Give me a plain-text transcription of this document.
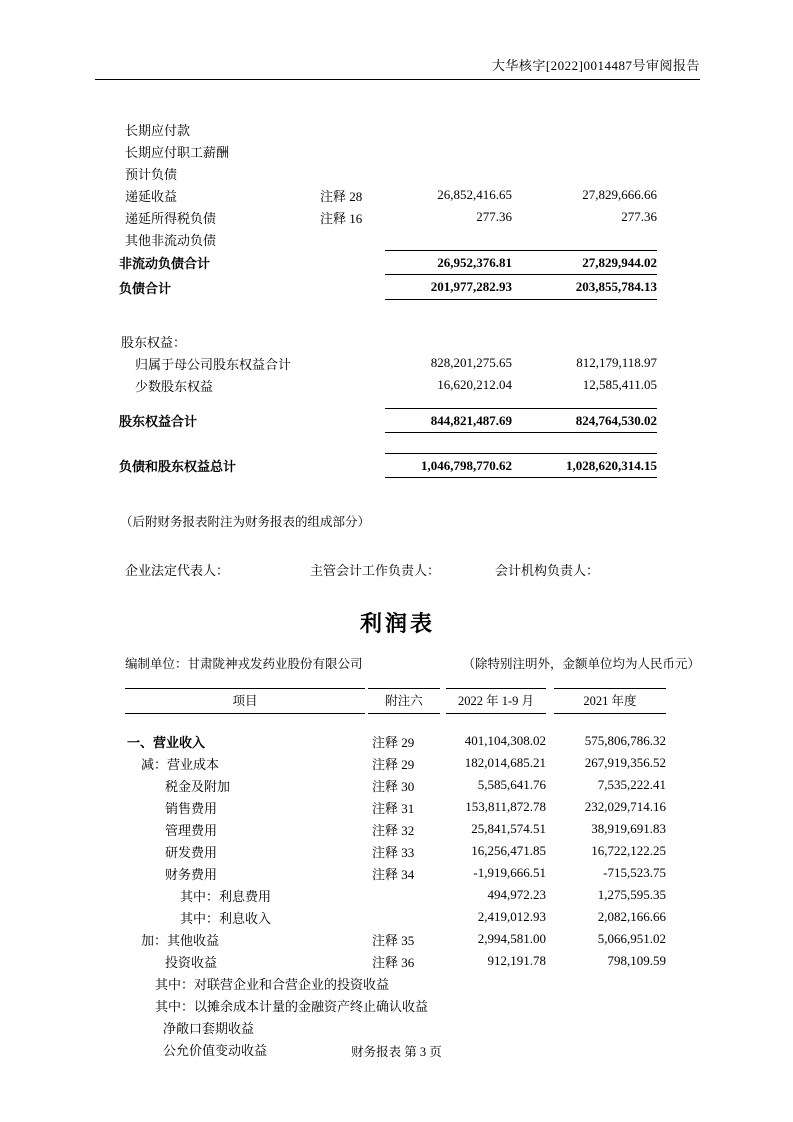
大华核字[2022]0014487号审阅报告
长期应付款
长期应付职工薪酬
预计负债
递延收益	注释 28	26,852,416.65	27,829,666.66
递延所得税负债	注释 16	277.36	277.36
其他非流动负债
非流动负债合计	26,952,376.81	27,829,944.02
负债合计	201,977,282.93	203,855,784.13
股东权益：
归属于母公司股东权益合计	828,201,275.65	812,179,118.97
少数股东权益	16,620,212.04	12,585,411.05
股东权益合计	844,821,487.69	824,764,530.02
负债和股东权益总计	1,046,798,770.62	1,028,620,314.15
（后附财务报表附注为财务报表的组成部分）
企业法定代表人：	主管会计工作负责人：	会计机构负责人：
利润表
编制单位：甘肃陇神戎发药业股份有限公司	（除特别注明外，金额单位均为人民币元）
项目	附注六	2022 年 1-9 月	2021 年度
一、营业收入	注释 29	401,104,308.02	575,806,786.32
减：营业成本	注释 29	182,014,685.21	267,919,356.52
税金及附加	注释 30	5,585,641.76	7,535,222.41
销售费用	注释 31	153,811,872.78	232,029,714.16
管理费用	注释 32	25,841,574.51	38,919,691.83
研发费用	注释 33	16,256,471.85	16,722,122.25
财务费用	注释 34	-1,919,666.51	-715,523.75
其中：利息费用	494,972.23	1,275,595.35
其中：利息收入	2,419,012.93	2,082,166.66
加：其他收益	注释 35	2,994,581.00	5,066,951.02
投资收益	注释 36	912,191.78	798,109.59
其中：对联营企业和合营企业的投资收益
其中：以摊余成本计量的金融资产终止确认收益
净敞口套期收益
公允价值变动收益	财务报表 第 3 页
